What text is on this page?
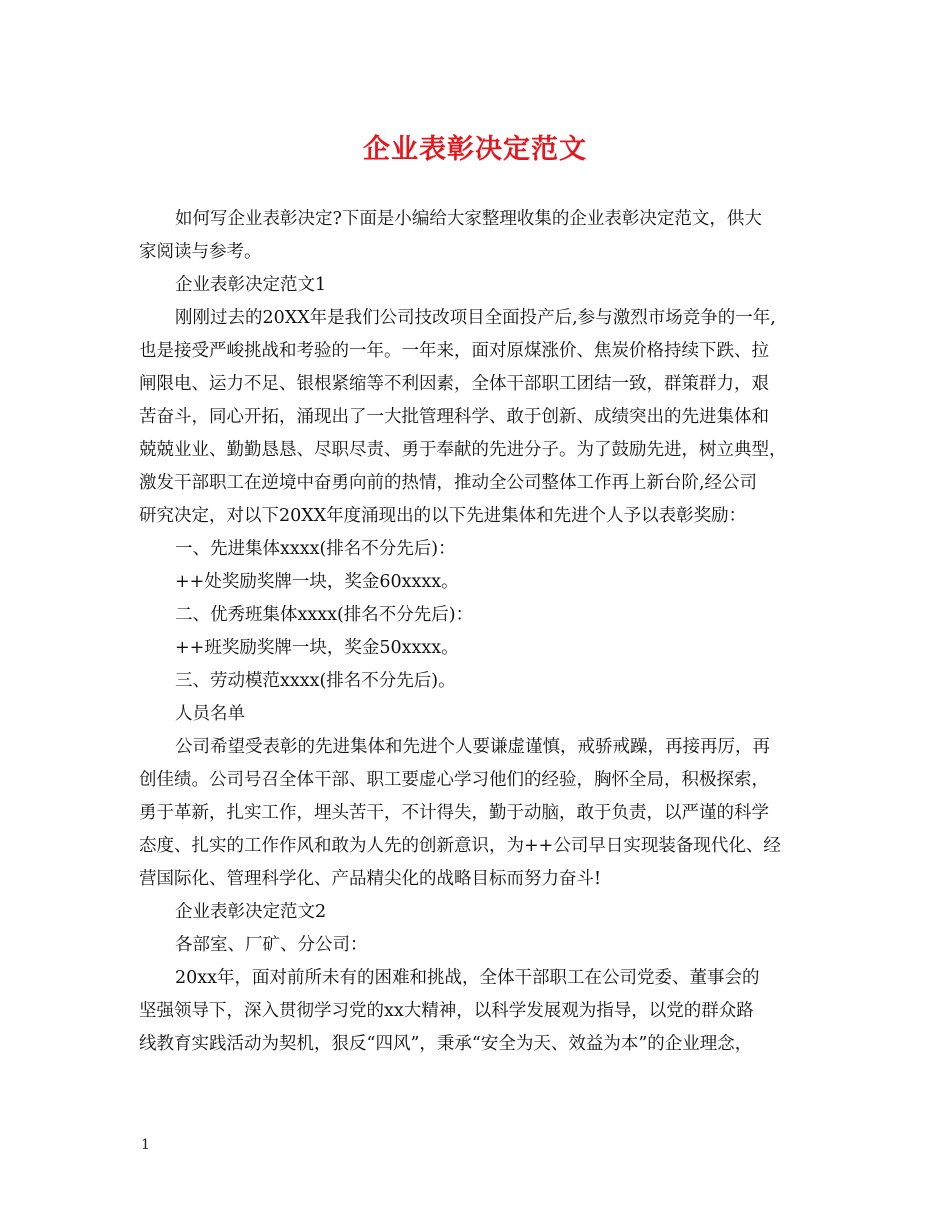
企业表彰决定范文
如何写企业表彰决定?下面是小编给大家整理收集的企业表彰决定范文，供大
家阅读与参考。
企业表彰决定范文1
刚刚过去的20XX年是我们公司技改项目全面投产后,参与激烈市场竞争的一年,
也是接受严峻挑战和考验的一年。一年来，面对原煤涨价、焦炭价格持续下跌、拉
闸限电、运力不足、银根紧缩等不利因素，全体干部职工团结一致，群策群力，艰
苦奋斗，同心开拓，涌现出了一大批管理科学、敢于创新、成绩突出的先进集体和
兢兢业业、勤勤恳恳、尽职尽责、勇于奉献的先进分子。为了鼓励先进，树立典型，
激发干部职工在逆境中奋勇向前的热情，推动全公司整体工作再上新台阶,经公司
研究决定，对以下20XX年度涌现出的以下先进集体和先进个人予以表彰奖励：
一、先进集体xxxx(排名不分先后)：
++处奖励奖牌一块，奖金60xxxx。
二、优秀班集体xxxx(排名不分先后)：
++班奖励奖牌一块，奖金50xxxx。
三、劳动模范xxxx(排名不分先后)。
人员名单
公司希望受表彰的先进集体和先进个人要谦虚谨慎，戒骄戒躁，再接再厉，再
创佳绩。公司号召全体干部、职工要虚心学习他们的经验，胸怀全局，积极探索，
勇于革新，扎实工作，埋头苦干，不计得失，勤于动脑，敢于负责，以严谨的科学
态度、扎实的工作作风和敢为人先的创新意识，为++公司早日实现装备现代化、经
营国际化、管理科学化、产品精尖化的战略目标而努力奋斗!
企业表彰决定范文2
各部室、厂矿、分公司：
20xx年，面对前所未有的困难和挑战，全体干部职工在公司党委、董事会的
坚强领导下，深入贯彻学习党的xx大精神，以科学发展观为指导，以党的群众路
线教育实践活动为契机，狠反“四风”，秉承“安全为天、效益为本”的企业理念，
1
